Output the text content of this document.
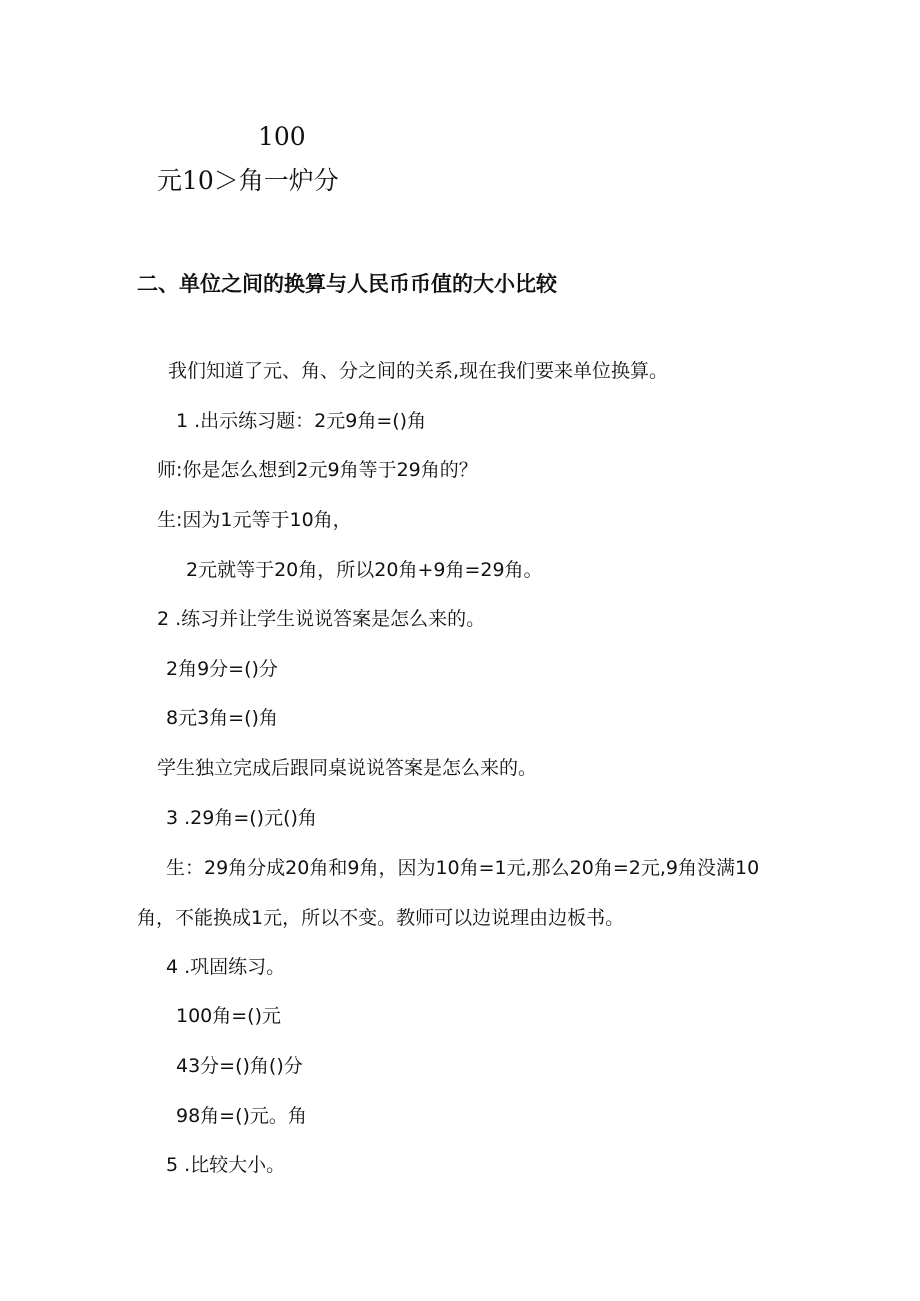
100
元10＞角一炉分
二、单位之间的换算与人民币币值的大小比较
我们知道了元、角、分之间的关系,现在我们要来单位换算。
1 .出示练习题：2元9角=()角
师:你是怎么想到2元9角等于29角的？
生:因为1元等于10角，
2元就等于20角，所以20角+9角=29角。
2 .练习并让学生说说答案是怎么来的。
2角9分=()分
8元3角=()角
学生独立完成后跟同桌说说答案是怎么来的。
3 .29角=()元()角
生：29角分成20角和9角，因为10角=1元,那么20角=2元,9角没满10
角，不能换成1元，所以不变。教师可以边说理由边板书。
4 .巩固练习。
100角=()元
43分=()角()分
98角=()元。角
5 .比较大小。
